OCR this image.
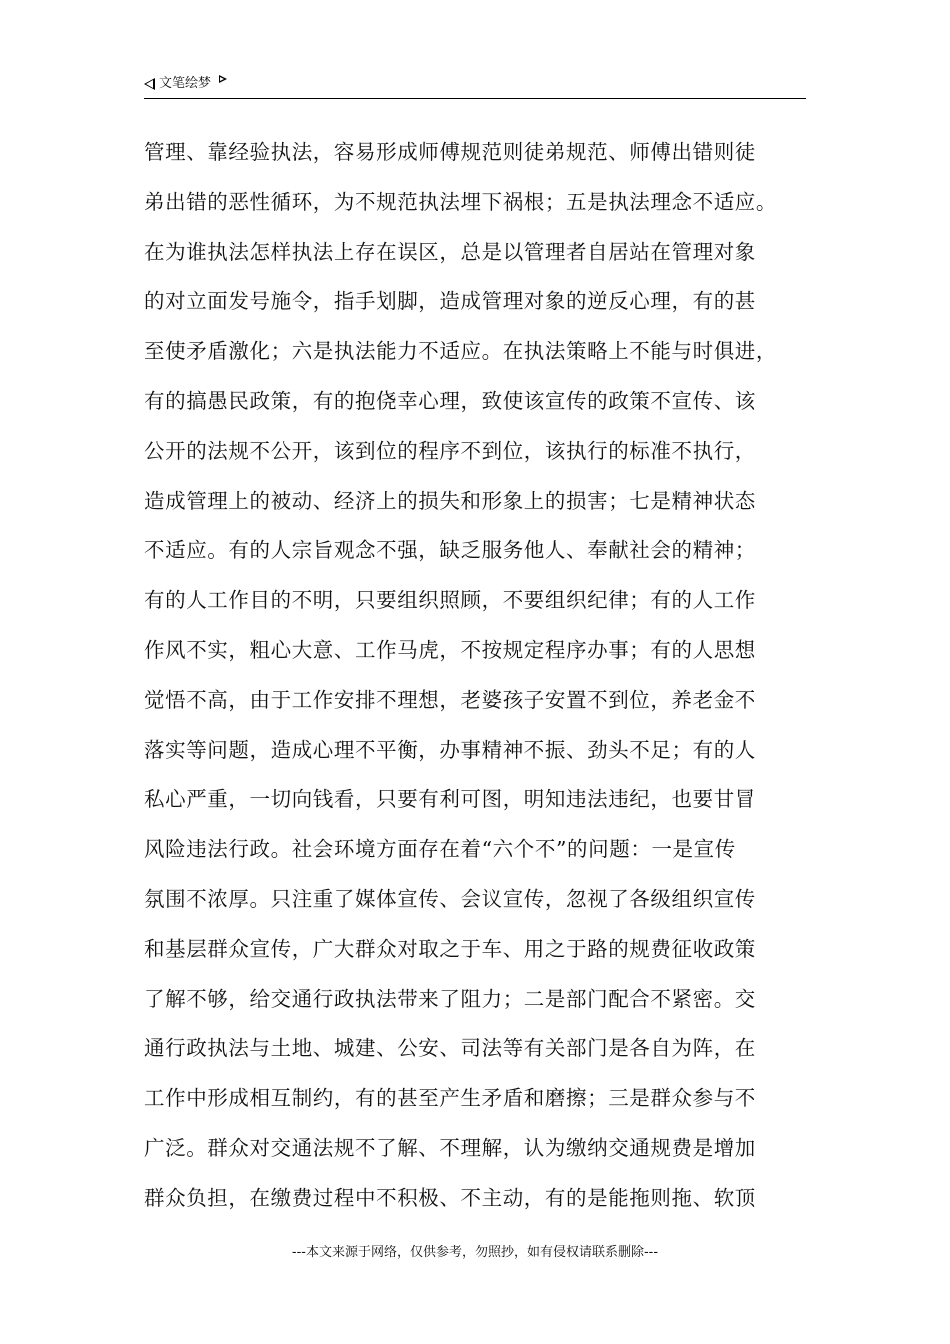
文笔绘梦
管理、靠经验执法，容易形成师傅规范则徒弟规范、师傅出错则徒
弟出错的恶性循环，为不规范执法埋下祸根；五是执法理念不适应。
在为谁执法怎样执法上存在误区，总是以管理者自居站在管理对象
的对立面发号施令，指手划脚，造成管理对象的逆反心理，有的甚
至使矛盾激化；六是执法能力不适应。在执法策略上不能与时俱进，
有的搞愚民政策，有的抱侥幸心理，致使该宣传的政策不宣传、该
公开的法规不公开，该到位的程序不到位，该执行的标准不执行，
造成管理上的被动、经济上的损失和形象上的损害；七是精神状态
不适应。有的人宗旨观念不强，缺乏服务他人、奉献社会的精神；
有的人工作目的不明，只要组织照顾，不要组织纪律；有的人工作
作风不实，粗心大意、工作马虎，不按规定程序办事；有的人思想
觉悟不高，由于工作安排不理想，老婆孩子安置不到位，养老金不
落实等问题，造成心理不平衡，办事精神不振、劲头不足；有的人
私心严重，一切向钱看，只要有利可图，明知违法违纪，也要甘冒
风险违法行政。社会环境方面存在着“六个不”的问题：一是宣传
氛围不浓厚。只注重了媒体宣传、会议宣传，忽视了各级组织宣传
和基层群众宣传，广大群众对取之于车、用之于路的规费征收政策
了解不够，给交通行政执法带来了阻力；二是部门配合不紧密。交
通行政执法与土地、城建、公安、司法等有关部门是各自为阵，在
工作中形成相互制约，有的甚至产生矛盾和磨擦；三是群众参与不
广泛。群众对交通法规不了解、不理解，认为缴纳交通规费是增加
群众负担，在缴费过程中不积极、不主动，有的是能拖则拖、软顶
---本文来源于网络，仅供参考，勿照抄，如有侵权请联系删除---
